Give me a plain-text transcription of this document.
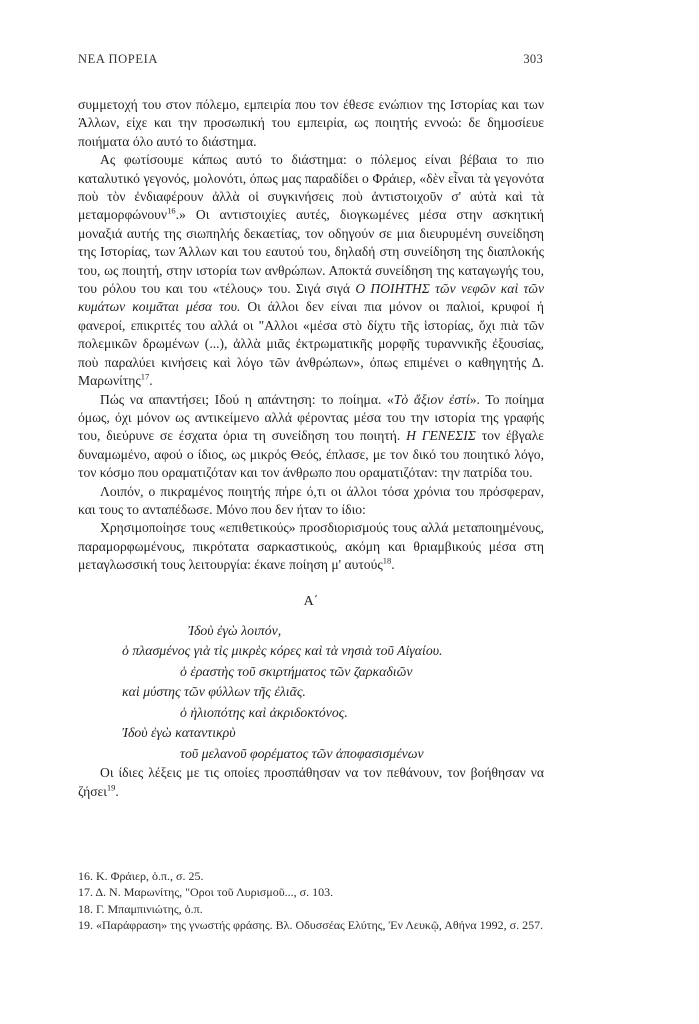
ΝΕΑ ΠΟΡΕΙΑ	303

συμμετοχή του στον πόλεμο, εμπειρία που τον έθεσε ενώπιον της Ιστορίας και των Άλλων, είχε και την προσωπική του εμπειρία, ως ποιητής εννοώ: δε δημοσίευε ποιήματα όλο αυτό το διάστημα.

Ας φωτίσουμε κάπως αυτό το διάστημα: ο πόλεμος είναι βέβαια το πιο καταλυτικό γεγονός, μολονότι, όπως μας παραδίδει ο Φράιερ, «δὲν εἶναι τὰ γεγονότα ποὺ τὸν ἐνδιαφέρουν ἀλλὰ οἱ συγκινήσεις ποὺ ἀντιστοιχοῦν σ' αὐτὰ καὶ τὰ μεταμορφώνουν$^{16}$.» Οι αντιστοιχίες αυτές, διογκωμένες μέσα στην ασκητική μοναξιά αυτής της σιωπηλής δεκαετίας, τον οδηγούν σε μια διευρυμένη συνείδηση της Ιστορίας, των Άλλων και του εαυτού του, δηλαδή στη συνείδηση της διαπλοκής του, ως ποιητή, στην ιστορία των ανθρώπων. Αποκτά συνείδηση της καταγωγής του, του ρόλου του και του «τέλους» του. Σιγά σιγά Ο ΠΟΙΗΤΗΣ τῶν νεφῶν καὶ τῶν κυμάτων κοιμᾶται μέσα του. Οι άλλοι δεν είναι πια μόνον οι παλιοί, κρυφοί ή φανεροί, επικριτές του αλλά οι "Αλλοι «μέσα στὸ δίχτυ τῆς ἱστορίας, ὄχι πιὰ τῶν πολεμικῶν δρωμένων (...), ἀλλὰ μιᾶς ἐκτρωματικῆς μορφῆς τυραννικῆς ἐξουσίας, ποὺ παραλύει κινήσεις καὶ λόγο τῶν ἀνθρώπων», όπως επιμένει ο καθηγητής Δ. Μαρωνίτης$^{17}$.

Πώς να απαντήσει; Ιδού η απάντηση: το ποίημα. «Τὸ ἄξιον ἐστί». Το ποίημα όμως, όχι μόνον ως αντικείμενο αλλά φέροντας μέσα του την ιστορία της γραφής του, διεύρυνε σε έσχατα όρια τη συνείδηση του ποιητή. Η ΓΕΝΕΣΙΣ τον έβγαλε δυναμωμένο, αφού ο ίδιος, ως μικρός Θεός, έπλασε, με τον δικό του ποιητικό λόγο, τον κόσμο που οραματιζόταν και τον άνθρωπο που οραματιζόταν: την πατρίδα του.

Λοιπόν, ο πικραμένος ποιητής πήρε ό,τι οι άλλοι τόσα χρόνια του πρόσφεραν, και τους το ανταπέδωσε. Μόνο που δεν ήταν το ίδιο:

Χρησιμοποίησε τους «επιθετικούς» προσδιορισμούς τους αλλά μεταποιημένους, παραμορφωμένους, πικρότατα σαρκαστικούς, ακόμη και θριαμβικούς μέσα στη μεταγλωσσική τους λειτουργία: έκανε ποίηση μ' αυτούς$^{18}$.

Α΄
Ἰδοὺ ἐγὼ λοιπόν,
ὁ πλασμένος γιὰ τὶς μικρὲς κόρες καὶ τὰ νησιὰ τοῦ Αἰγαίου.
ὁ ἐραστὴς τοῦ σκιρτήματος τῶν ζαρκαδιῶν
καὶ μύστης τῶν φύλλων τῆς ἐλιᾶς.
ὁ ἡλιοπότης καὶ ἀκριδοκτόνος.
Ἰδοὺ ἐγὼ καταντικρὺ
τοῦ μελανοῦ φορέματος τῶν ἀποφασισμένων

Οι ίδιες λέξεις με τις οποίες προσπάθησαν να τον πεθάνουν, τον βοήθησαν να ζήσει$^{19}$.

16. Κ. Φράιερ, ὁ.π., σ. 25.

17. Δ. Ν. Μαρωνίτης, "Οροι τοῦ Λυρισμοῦ..., σ. 103.

18. Γ. Μπαμπινιώτης, ὁ.π.

19. «Παράφραση» της γνωστής φράσης. Βλ. Οδυσσέας Ελύτης, Ἐν Λευκῷ, Αθήνα 1992, σ. 257.
